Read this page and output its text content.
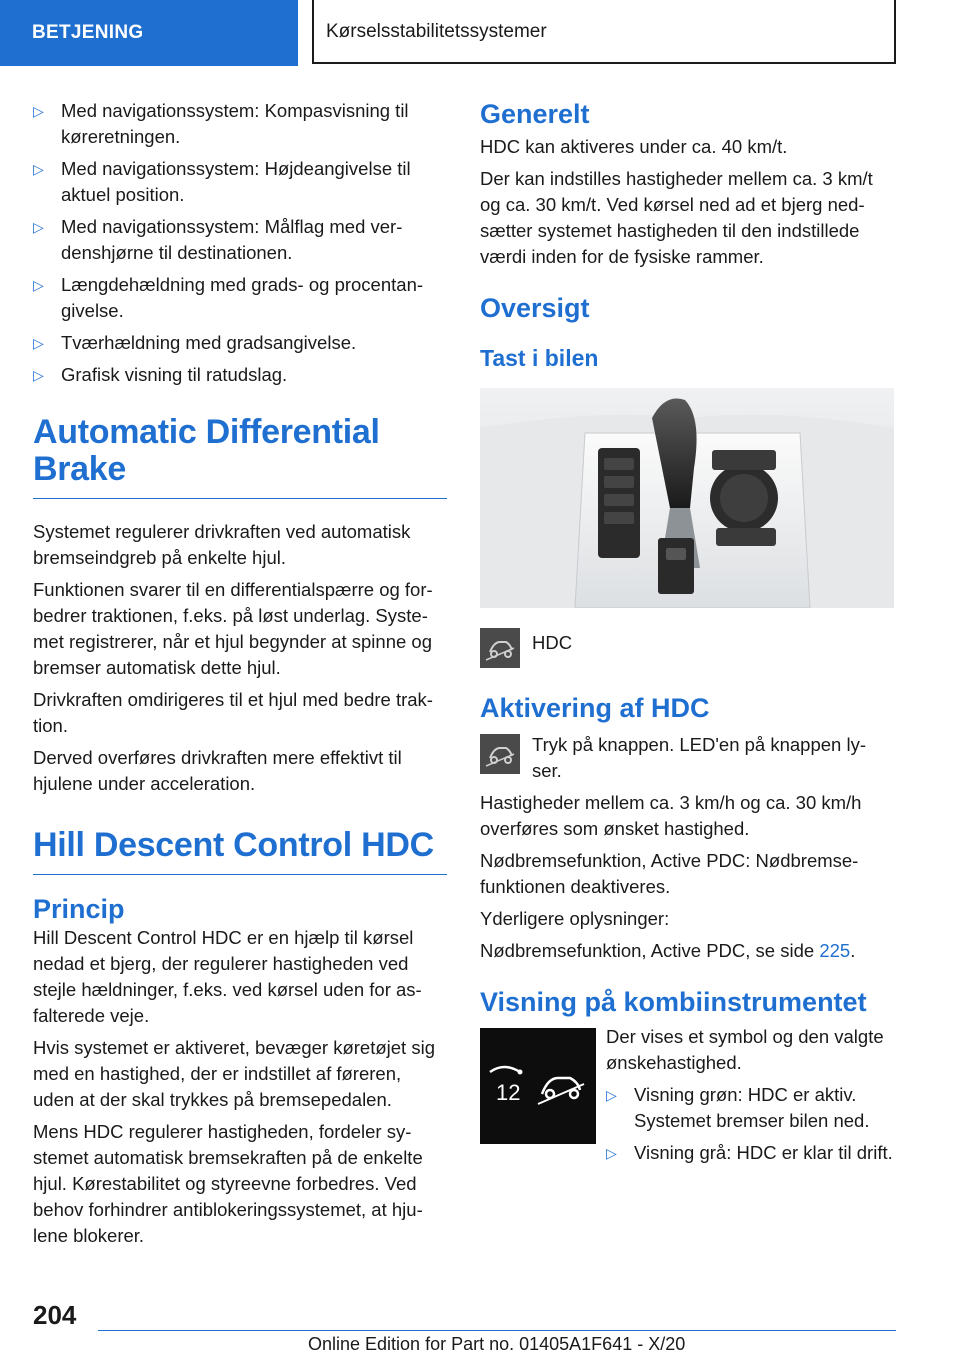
BETJENING	Kørselsstabilitetssystemer
▷ Med navigationssystem: Kompasvisning til køreretningen.
▷ Med navigationssystem: Højdeangivelse til aktuel position.
▷ Med navigationssystem: Målflag med ver-denshjørne til destinationen.
▷ Længdehældning med grads- og procentan-givelse.
▷ Tværhældning med gradsangivelse.
▷ Grafisk visning til ratudslag.
Automatic Differential Brake

Systemet regulerer drivkraften ved automatisk bremseindgreb på enkelte hjul.

Funktionen svarer til en differentialspærre og for-bedrer traktionen, f.eks. på løst underlag. Syste-met registrerer, når et hjul begynder at spinne og bremser automatisk dette hjul.

Drivkraften omdirigeres til et hjul med bedre trak-tion.

Derved overføres drivkraften mere effektivt til hjulene under acceleration.

Hill Descent Control HDC
Princip

Hill Descent Control HDC er en hjælp til kørsel nedad et bjerg, der regulerer hastigheden ved stejle hældninger, f.eks. ved kørsel uden for as-falterede veje.

Hvis systemet er aktiveret, bevæger køretøjet sig med en hastighed, der er indstillet af føreren, uden at der skal trykkes på bremsepedalen.

Mens HDC regulerer hastigheden, fordeler sy-stemet automatisk bremsekraften på de enkelte hjul. Kørestabilitet og styreevne forbedres. Ved behov forhindrer antiblokeringssystemet, at hju-lene blokerer.

Generelt

HDC kan aktiveres under ca. 40 km/t.

Der kan indstilles hastigheder mellem ca. 3 km/t og ca. 30 km/t. Ved kørsel ned ad et bjerg ned-sætter systemet hastigheden til den indstillede værdi inden for de fysiske rammer.

Oversigt
Tast i bilen

HDC

Aktivering af HDC

Tryk på knappen. LED'en på knappen ly-ser.

Hastigheder mellem ca. 3 km/h og ca. 30 km/h overføres som ønsket hastighed.

Nødbremsefunktion, Active PDC: Nødbremse-funktionen deaktiveres.

Yderligere oplysninger:

Nødbremsefunktion, Active PDC, se side 225.

Visning på kombiinstrumentet
12

Der vises et symbol og den valgte ønskehastighed.

▷ Visning grøn: HDC er aktiv. Systemet bremser bilen ned.
▷ Visning grå: HDC er klar til drift.
204
Online Edition for Part no. 01405A1F641 - X/20
